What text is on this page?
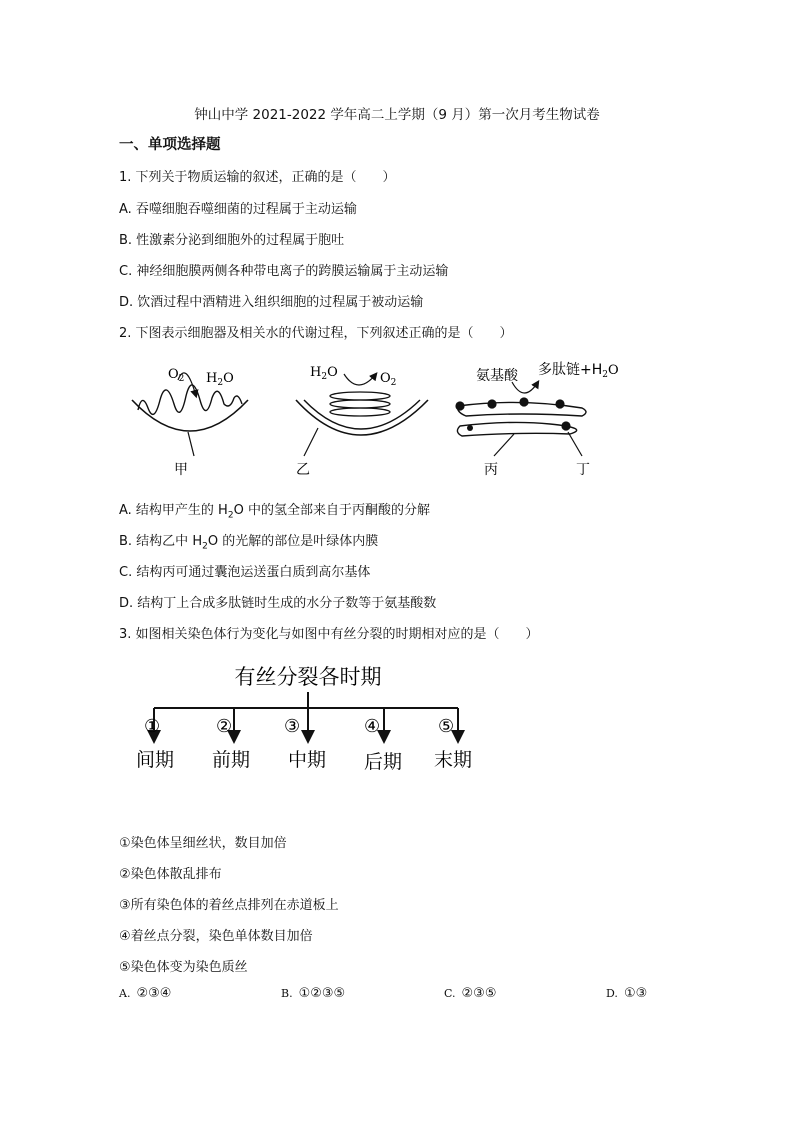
钟山中学 2021-2022 学年高二上学期（9 月）第一次月考生物试卷
一、单项选择题
1. 下列关于物质运输的叙述，正确的是（　　）
A. 吞噬细胞吞噬细菌的过程属于主动运输
B. 性激素分泌到细胞外的过程属于胞吐
C. 神经细胞膜两侧各种带电离子的跨膜运输属于主动运输
D. 饮酒过程中酒精进入组织细胞的过程属于被动运输
2. 下图表示细胞器及相关水的代谢过程，下列叙述正确的是（　　）
$O_2$ $H_2O$
甲
$H_2O$	$O_2$
乙
氨基酸 多肽链$+H_2O$
丙	丁
A. 结构甲产生的 $H_2O$ 中的氢全部来自于丙酮酸的分解
B. 结构乙中 $H_2O$ 的光解的部位是叶绿体内膜
C. 结构丙可通过囊泡运送蛋白质到高尔基体
D. 结构丁上合成多肽链时生成的水分子数等于氨基酸数
3. 如图相关染色体行为变化与如图中有丝分裂的时期相对应的是（　　）
有丝分裂各时期
①	②	③	④	⑤
间期 前期 中期 后期 末期
①染色体呈细丝状，数目加倍
②染色体散乱排布
③所有染色体的着丝点排列在赤道板上
④着丝点分裂，染色单体数目加倍
⑤染色体变为染色质丝
A. ②③④	B. ①②③⑤	C. ②③⑤	D. ①③
